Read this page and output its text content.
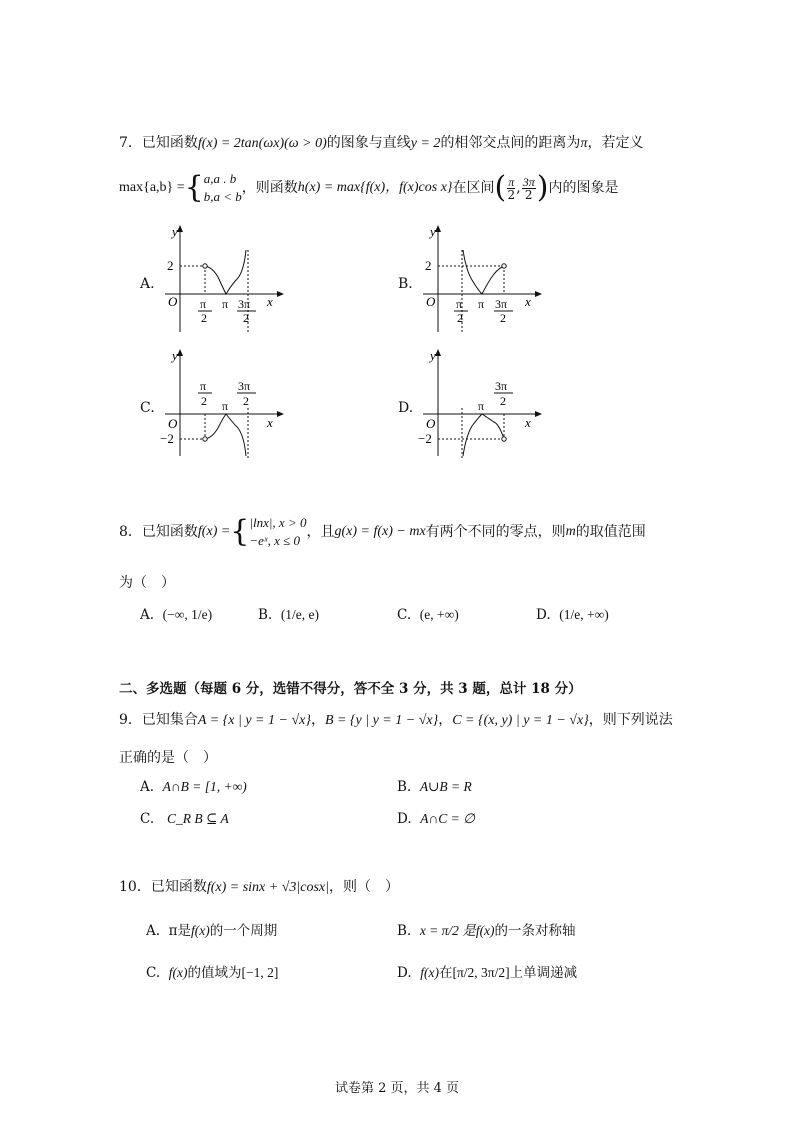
7．已知函数f(x) = 2tan(ωx)(ω > 0)的图象与直线y = 2的相邻交点间的距离为π，若定义
max{a,b} = { a,a . b
b,a < b
，则函数 h(x) = max{f(x)，f(x)cos x} 在区间 ( $\frac{\pi}{2}$ , $\frac{3\pi}{2}$ ) 内的图象是
A.
y
x
O
2
π
2
π 3π
2
B.
y
x
O
2
π
2
π 3π
2
C.
y
x
O
−2
π
2 π
3π
2	D.
y
x
O
−2
π
3π
2
8．已知函数 f(x) = { |lnx|, x > 0
−eˣ, x ≤ 0
，且 g(x) = f(x) − mx 有两个不同的零点，则 m 的取值范围
为（　）
A. (−∞, 1/e)	B. (1/e, e)	C. (e, +∞)	D. (1/e, +∞)
二、多选题（每题 6 分，选错不得分，答不全 3 分，共 3 题，总计 18 分）
9．已知集合A = {x | y = 1 − √x}，B = {y | y = 1 − √x}，C = {(x, y) | y = 1 − √x}，则下列说法
正确的是（　）
A. A∩B = [1, +∞)	B. A∪B = R
C. C_R B ⊆ A	D. A∩C = ∅
10．已知函数f(x) = sinx + √3|cosx|，则（　）
A. π是f(x)的一个周期	B. x = π/2 是f(x)的一条对称轴
C. f(x)的值域为[−1, 2]	D. f(x)在[π/2, 3π/2]上单调递减
试卷第 2 页，共 4 页
